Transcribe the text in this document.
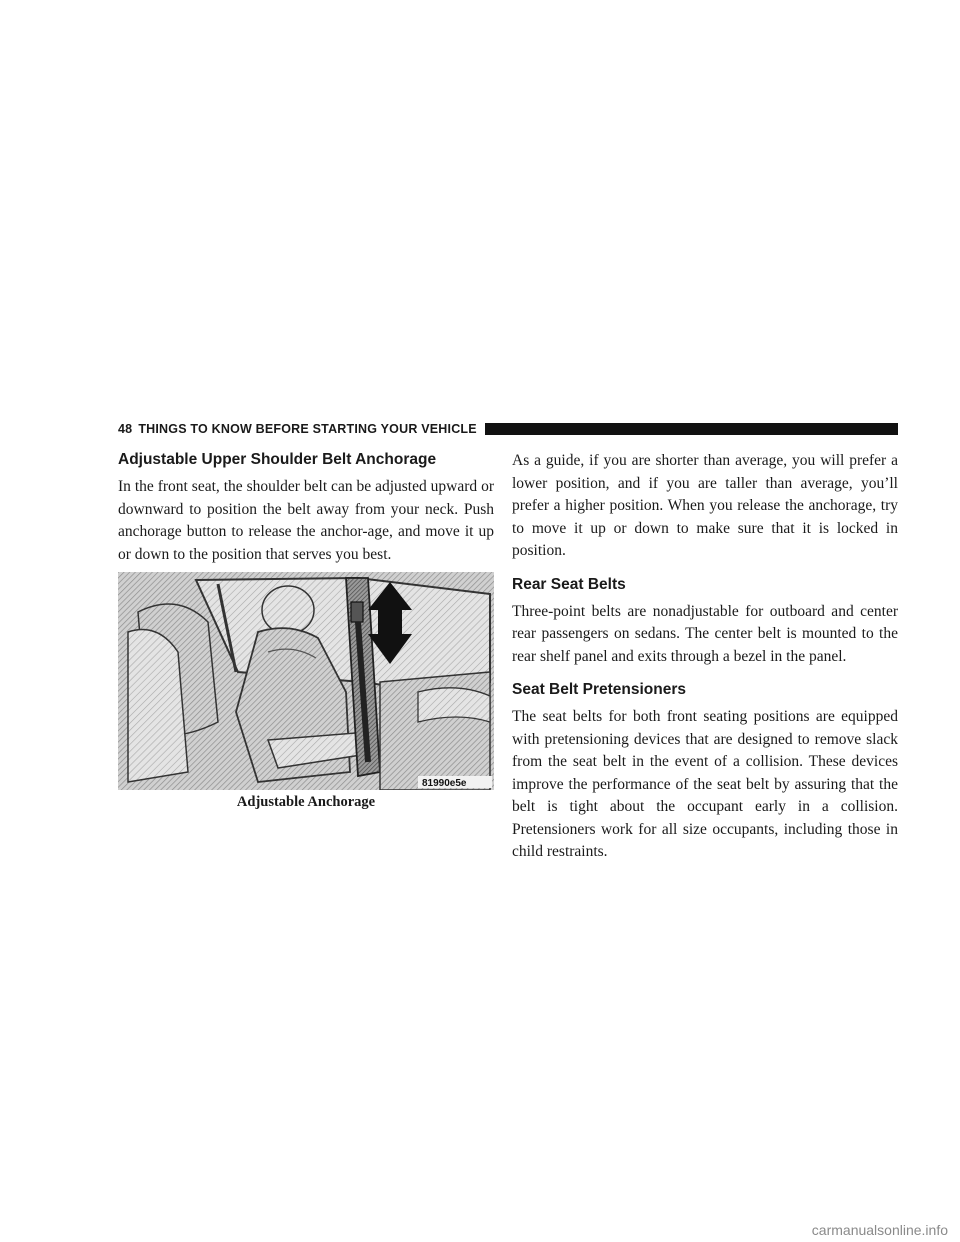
48 THINGS TO KNOW BEFORE STARTING YOUR VEHICLE
Adjustable Upper Shoulder Belt Anchorage

In the front seat, the shoulder belt can be adjusted upward or downward to position the belt away from your neck. Push anchorage button to release the anchor-age, and move it up or down to the position that serves you best.

81990e5e
Adjustable Anchorage

As a guide, if you are shorter than average, you will prefer a lower position, and if you are taller than average, you’ll prefer a higher position. When you release the anchorage, try to move it up or down to make sure that it is locked in position.

Rear Seat Belts

Three-point belts are nonadjustable for outboard and center rear passengers on sedans. The center belt is mounted to the rear shelf panel and exits through a bezel in the panel.

Seat Belt Pretensioners

The seat belts for both front seating positions are equipped with pretensioning devices that are designed to remove slack from the seat belt in the event of a collision. These devices improve the performance of the seat belt by assuring that the belt is tight about the occupant early in a collision. Pretensioners work for all size occupants, including those in child restraints.

carmanualsonline.info
